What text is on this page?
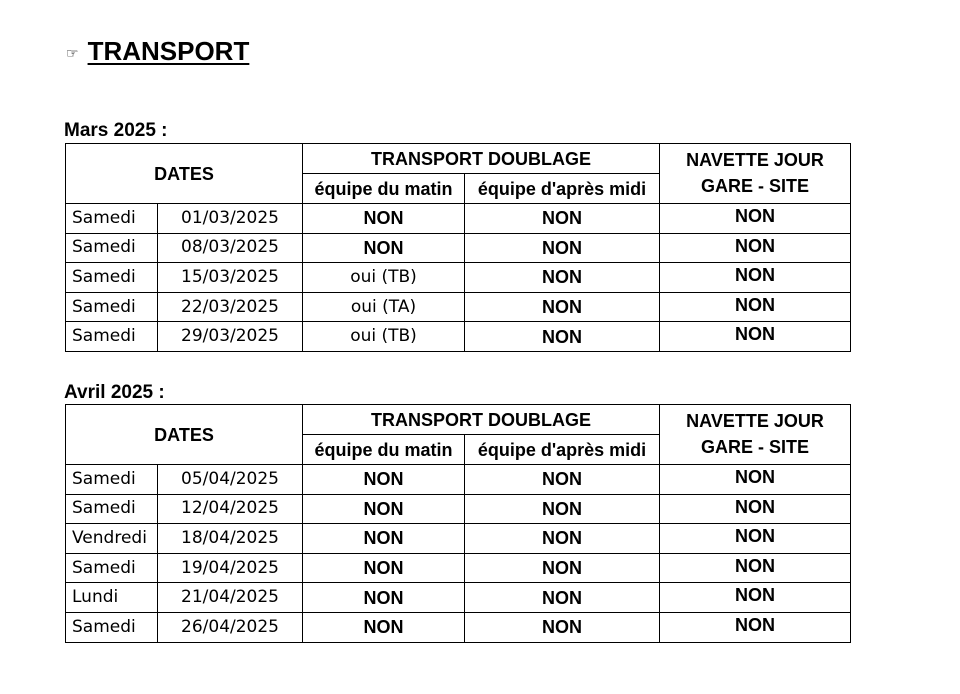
☞ TRANSPORT
Mars 2025 :
DATES		TRANSPORT DOUBLAGE		NAVETTE JOUR
GARE - SITE
		équipe du matin	équipe d'après midi	
Samedi	01/03/2025	NON	NON	NON
Samedi	08/03/2025	NON	NON	NON
Samedi	15/03/2025	oui (TB)	NON	NON
Samedi	22/03/2025	oui (TA)	NON	NON
Samedi	29/03/2025	oui (TB)	NON	NON
Avril 2025 :
DATES		TRANSPORT DOUBLAGE		NAVETTE JOUR
GARE - SITE
		équipe du matin	équipe d'après midi	
Samedi	05/04/2025	NON	NON	NON
Samedi	12/04/2025	NON	NON	NON
Vendredi	18/04/2025	NON	NON	NON
Samedi	19/04/2025	NON	NON	NON
Lundi	21/04/2025	NON	NON	NON
Samedi	26/04/2025	NON	NON	NON
